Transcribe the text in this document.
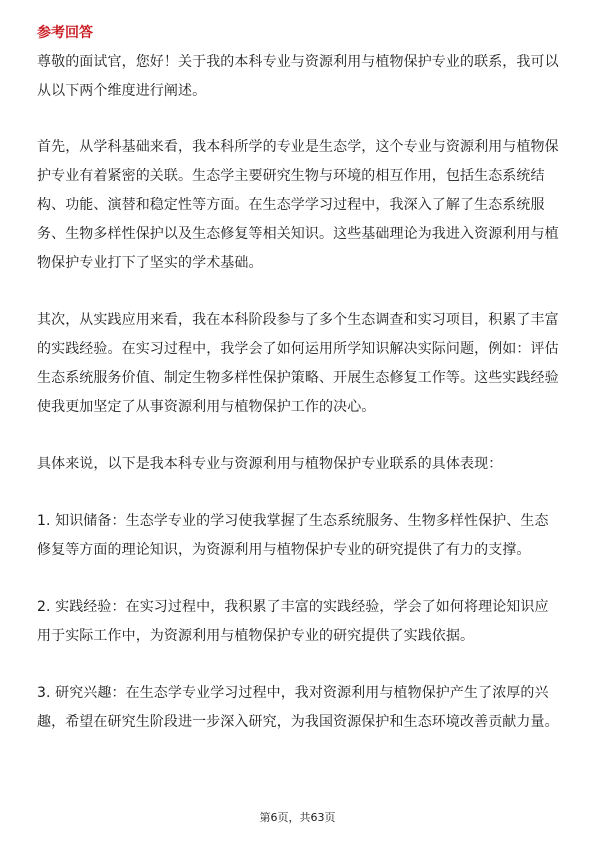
参考回答

尊敬的面试官，您好！关于我的本科专业与资源利用与植物保护专业的联系，我可以从以下两个维度进行阐述。

首先，从学科基础来看，我本科所学的专业是生态学，这个专业与资源利用与植物保护专业有着紧密的关联。生态学主要研究生物与环境的相互作用，包括生态系统结构、功能、演替和稳定性等方面。在生态学学习过程中，我深入了解了生态系统服务、生物多样性保护以及生态修复等相关知识。这些基础理论为我进入资源利用与植物保护专业打下了坚实的学术基础。

其次，从实践应用来看，我在本科阶段参与了多个生态调查和实习项目，积累了丰富的实践经验。在实习过程中，我学会了如何运用所学知识解决实际问题，例如：评估生态系统服务价值、制定生物多样性保护策略、开展生态修复工作等。这些实践经验使我更加坚定了从事资源利用与植物保护工作的决心。

具体来说，以下是我本科专业与资源利用与植物保护专业联系的具体表现：

1. 知识储备：生态学专业的学习使我掌握了生态系统服务、生物多样性保护、生态修复等方面的理论知识，为资源利用与植物保护专业的研究提供了有力的支撑。

2. 实践经验：在实习过程中，我积累了丰富的实践经验，学会了如何将理论知识应用于实际工作中，为资源利用与植物保护专业的研究提供了实践依据。

3. 研究兴趣：在生态学专业学习过程中，我对资源利用与植物保护产生了浓厚的兴趣，希望在研究生阶段进一步深入研究，为我国资源保护和生态环境改善贡献力量。

第6页，共63页
